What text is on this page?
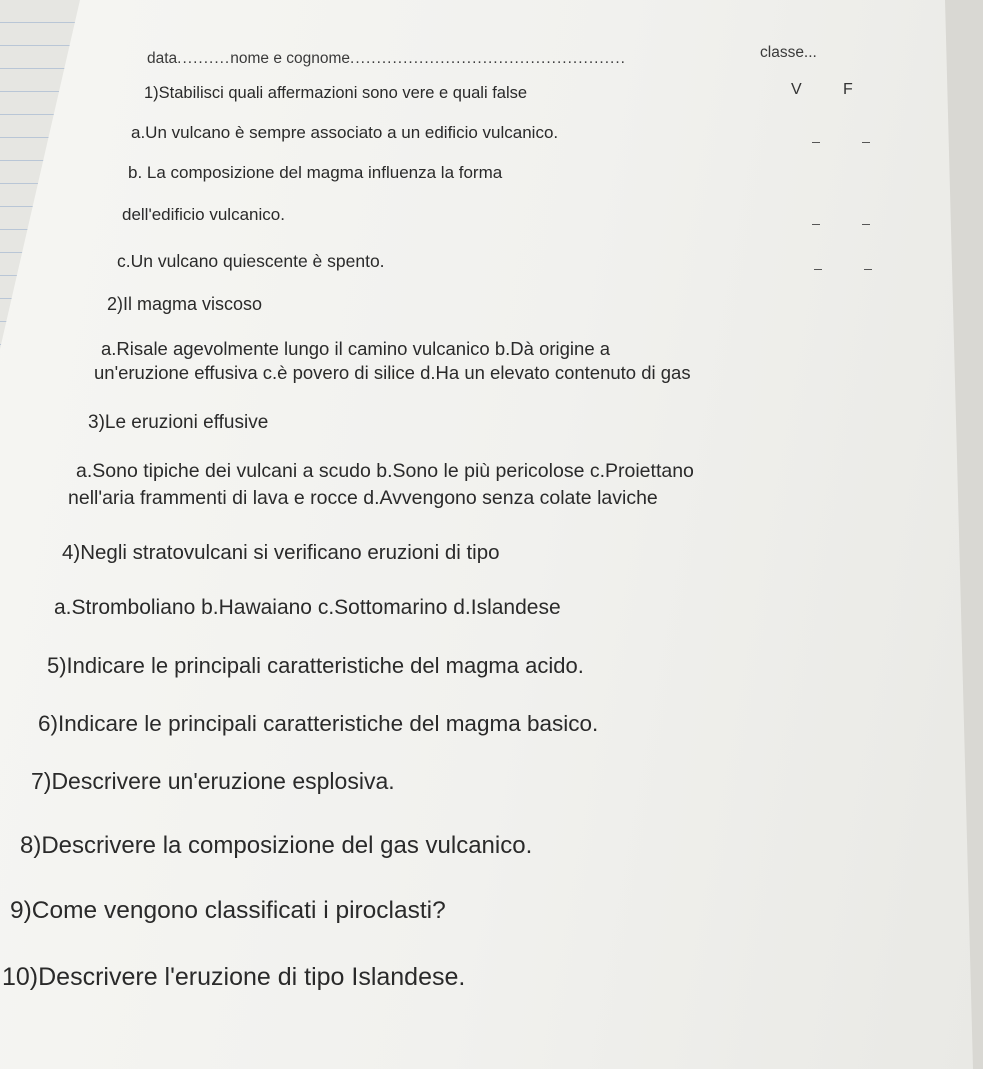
data..........nome e cognome....................................................	classe...
1)Stabilisci quali affermazioni sono vere e quali false	V	F
a.Un vulcano è sempre associato a un edificio vulcanico.
b. La composizione del magma influenza la forma
dell'edificio vulcanico.
c.Un vulcano quiescente è spento.
2)Il magma viscoso
a.Risale agevolmente lungo il camino vulcanico b.Dà origine a
un'eruzione effusiva c.è povero di silice d.Ha un elevato contenuto di gas
3)Le eruzioni effusive
a.Sono tipiche dei vulcani a scudo b.Sono le più pericolose c.Proiettano
nell'aria frammenti di lava e rocce d.Avvengono senza colate laviche
4)Negli stratovulcani si verificano eruzioni di tipo
a.Stromboliano b.Hawaiano c.Sottomarino d.Islandese
5)Indicare le principali caratteristiche del magma acido.
6)Indicare le principali caratteristiche del magma basico.
7)Descrivere un'eruzione esplosiva.
8)Descrivere la composizione del gas vulcanico.
9)Come vengono classificati i piroclasti?
10)Descrivere l'eruzione di tipo Islandese.
